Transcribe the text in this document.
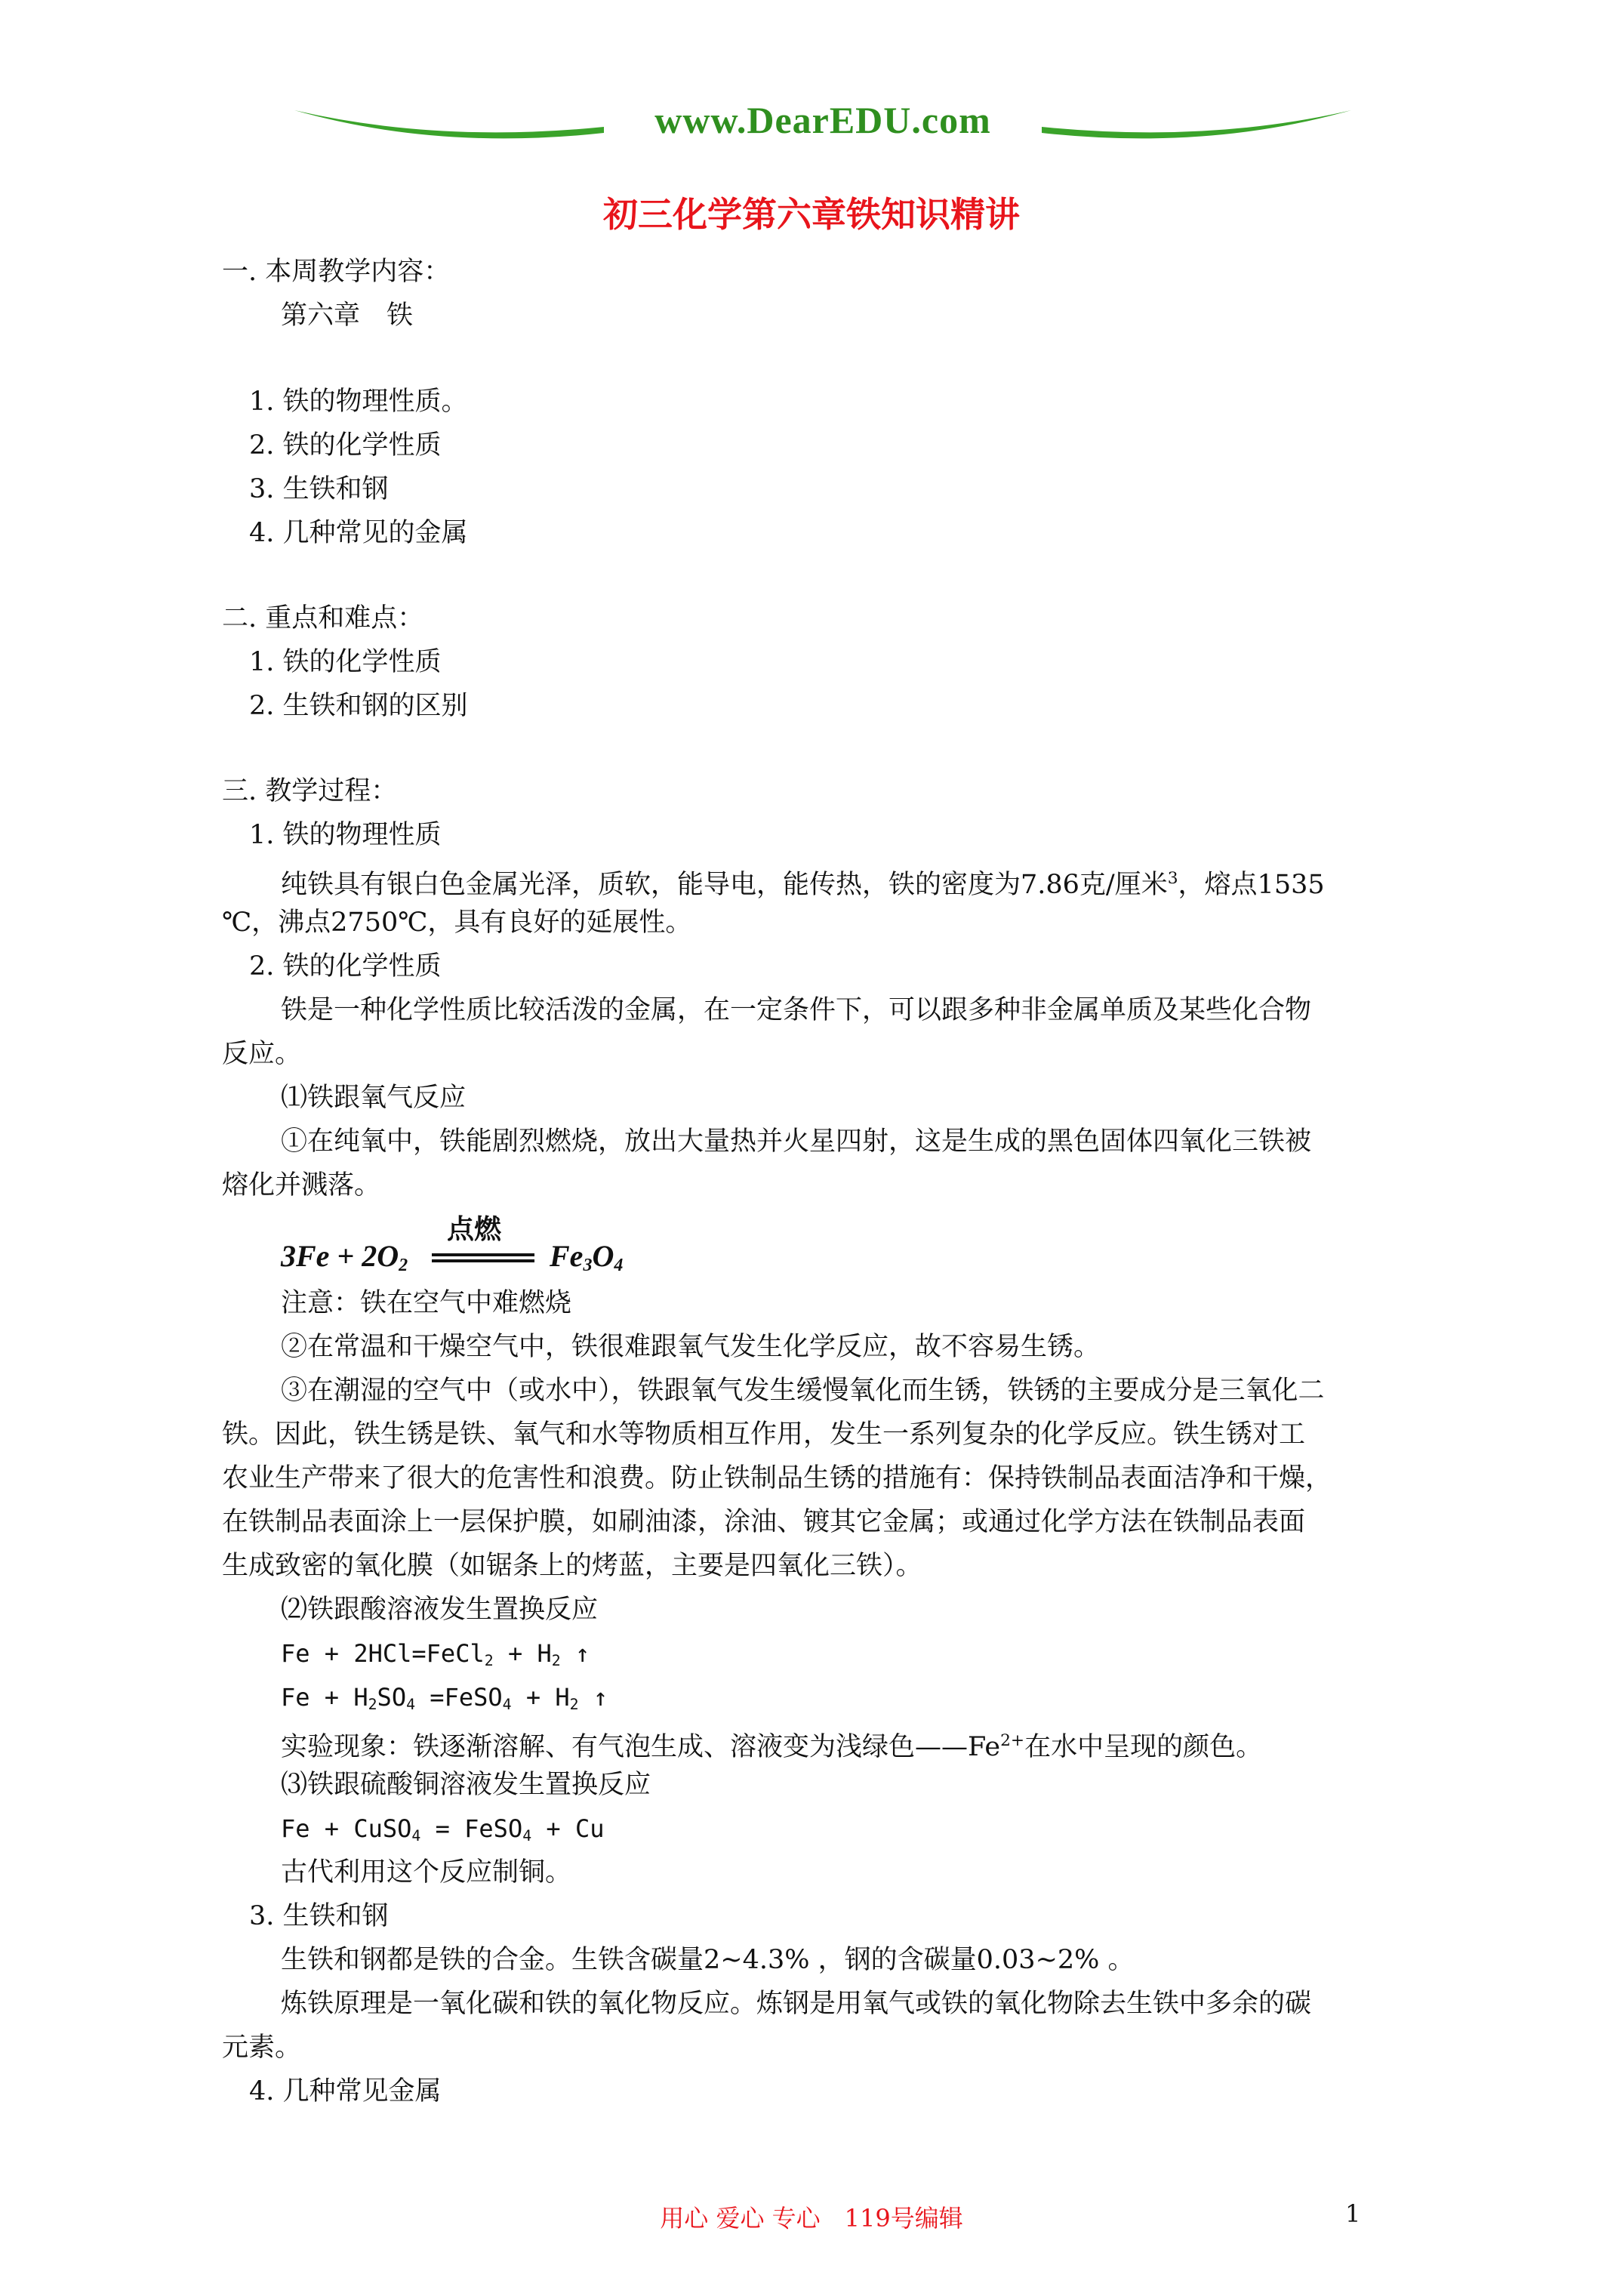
www.DearEDU.com
初三化学第六章铁知识精讲
一. 本周教学内容：
第六章　铁
1. 铁的物理性质。
2. 铁的化学性质
3. 生铁和钢
4. 几种常见的金属
二. 重点和难点：
1. 铁的化学性质
2. 生铁和钢的区别
三. 教学过程：
1. 铁的物理性质
纯铁具有银白色金属光泽，质软，能导电，能传热，铁的密度为7.86克/厘米$^3$，熔点1535
℃，沸点2750℃，具有良好的延展性。
2. 铁的化学性质
铁是一种化学性质比较活泼的金属，在一定条件下，可以跟多种非金属单质及某些化合物
反应。
⑴铁跟氧气反应
①在纯氧中，铁能剧烈燃烧，放出大量热并火星四射，这是生成的黑色固体四氧化三铁被
熔化并溅落。
$3Fe + 2O_2$
点燃
$Fe_3O_4$
注意：铁在空气中难燃烧
②在常温和干燥空气中，铁很难跟氧气发生化学反应，故不容易生锈。
③在潮湿的空气中（或水中），铁跟氧气发生缓慢氧化而生锈，铁锈的主要成分是三氧化二
铁。因此，铁生锈是铁、氧气和水等物质相互作用，发生一系列复杂的化学反应。铁生锈对工
农业生产带来了很大的危害性和浪费。防止铁制品生锈的措施有：保持铁制品表面洁净和干燥，
在铁制品表面涂上一层保护膜，如刷油漆，涂油、镀其它金属；或通过化学方法在铁制品表面
生成致密的氧化膜（如锯条上的烤蓝，主要是四氧化三铁）。
⑵铁跟酸溶液发生置换反应
Fe + 2HCl=FeCl$_2$ + $H_2$ ↑
$Fe + H_2SO_4$ =FeSO$_4$ + $H_2$ ↑
实验现象：铁逐渐溶解、有气泡生成、溶液变为浅绿色$——Fe^{2+}$在水中呈现的颜色。
⑶铁跟硫酸铜溶液发生置换反应
Fe + CuSO$_4$ = FeSO$_4$ + Cu
古代利用这个反应制铜。
3. 生铁和钢
生铁和钢都是铁的合金。生铁含碳量2~4.3% ，钢的含碳量0.03~2% 。
炼铁原理是一氧化碳和铁的氧化物反应。炼钢是用氧气或铁的氧化物除去生铁中多余的碳
元素。
4. 几种常见金属
用心 爱心 专心　119号编辑	1
